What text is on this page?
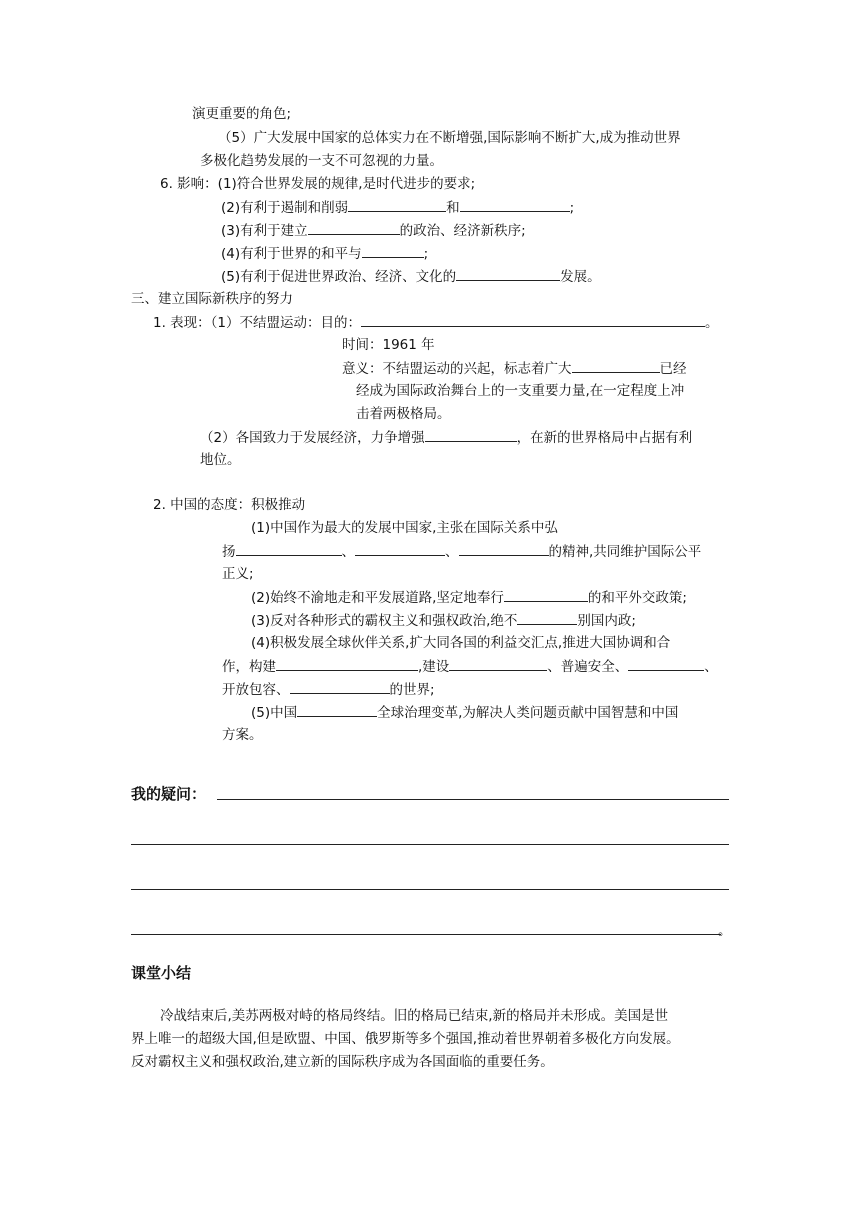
演更重要的角色;
（5）广大发展中国家的总体实力在不断增强,国际影响不断扩大,成为推动世界
多极化趋势发展的一支不可忽视的力量。
6. 影响：(1)符合世界发展的规律,是时代进步的要求;
(2)有利于遏制和削弱	和	;
(3)有利于建立	的政治、经济新秩序;
(4)有利于世界的和平与	;
(5)有利于促进世界政治、经济、文化的	发展。
三、建立国际新秩序的努力
1. 表现：（1）不结盟运动：目的：	。
时间：1961 年
意义：不结盟运动的兴起，标志着广大	已经
经成为国际政治舞台上的一支重要力量,在一定程度上冲
击着两极格局。
（2）各国致力于发展经济，力争增强	，在新的世界格局中占据有利
地位。
2. 中国的态度：积极推动
(1)中国作为最大的发展中国家,主张在国际关系中弘
扬	、	、	的精神,共同维护国际公平
正义;
(2)始终不渝地走和平发展道路,坚定地奉行	的和平外交政策;
(3)反对各种形式的霸权主义和强权政治,绝不	别国内政;
(4)积极发展全球伙伴关系,扩大同各国的利益交汇点,推进大国协调和合
作，构建	,建设	、普遍安全、	、
开放包容、	的世界;
(5)中国	全球治理变革,为解决人类问题贡献中国智慧和中国
方案。
我的疑问：
。
课堂小结
冷战结束后,美苏两极对峙的格局终结。旧的格局已结束,新的格局并未形成。美国是世
界上唯一的超级大国,但是欧盟、中国、俄罗斯等多个强国,推动着世界朝着多极化方向发展。
反对霸权主义和强权政治,建立新的国际秩序成为各国面临的重要任务。
